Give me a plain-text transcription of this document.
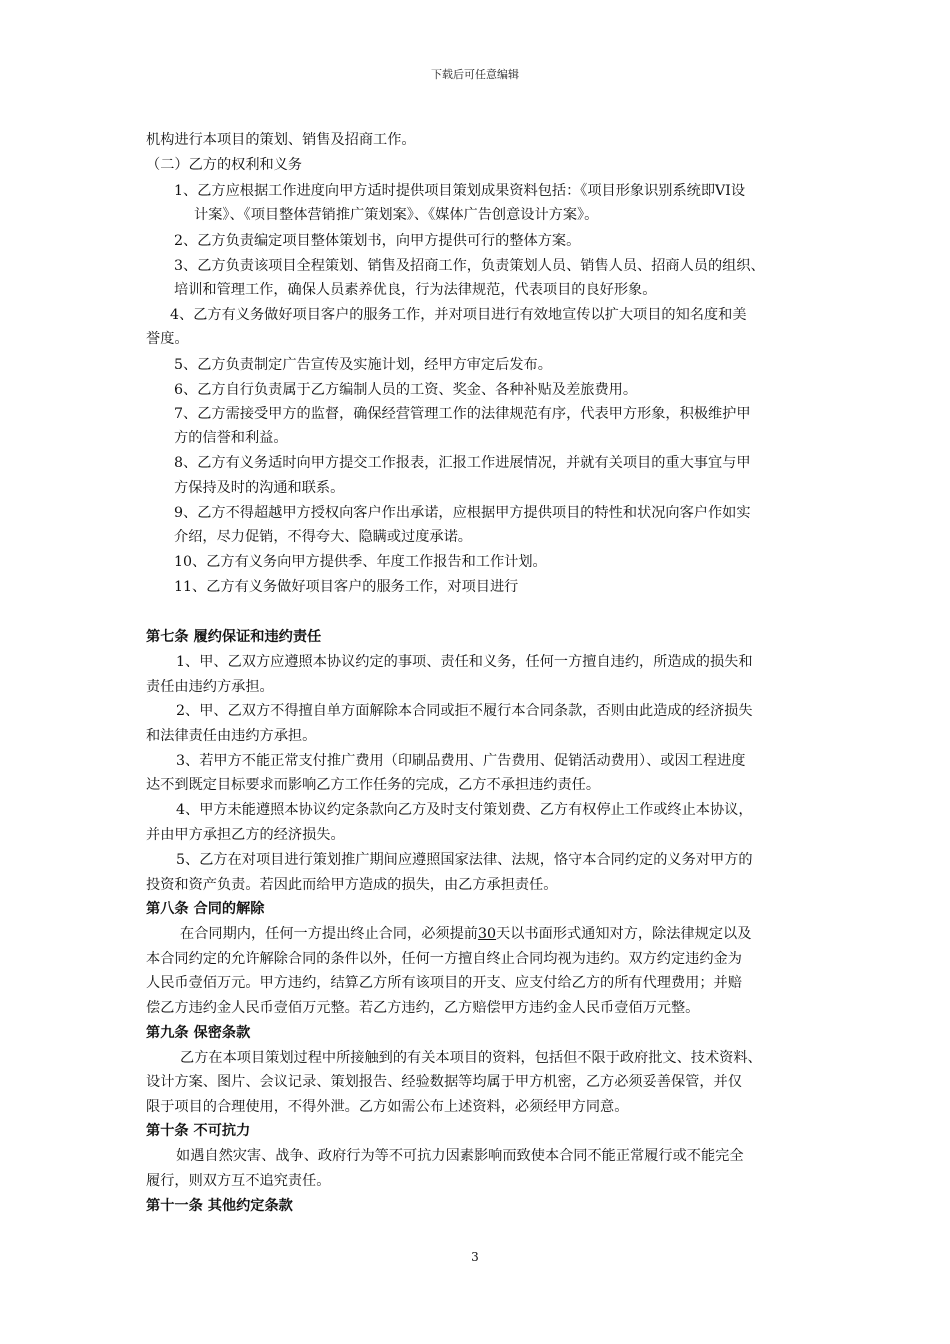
下载后可任意编辑
机构进行本项目的策划、销售及招商工作。
（二）乙方的权利和义务
1、乙方应根据工作进度向甲方适时提供项目策划成果资料包括：《项目形象识别系统即VI设
计案》、《项目整体营销推广策划案》、《媒体广告创意设计方案》。
2、乙方负责编定项目整体策划书，向甲方提供可行的整体方案。
3、乙方负责该项目全程策划、销售及招商工作，负责策划人员、销售人员、招商人员的组织、
培训和管理工作，确保人员素养优良，行为法律规范，代表项目的良好形象。
4、乙方有义务做好项目客户的服务工作，并对项目进行有效地宣传以扩大项目的知名度和美
誉度。
5、乙方负责制定广告宣传及实施计划，经甲方审定后发布。
6、乙方自行负责属于乙方编制人员的工资、奖金、各种补贴及差旅费用。
7、乙方需接受甲方的监督，确保经营管理工作的法律规范有序，代表甲方形象，积极维护甲
方的信誉和利益。
8、乙方有义务适时向甲方提交工作报表，汇报工作进展情况，并就有关项目的重大事宜与甲
方保持及时的沟通和联系。
9、乙方不得超越甲方授权向客户作出承诺，应根据甲方提供项目的特性和状况向客户作如实
介绍，尽力促销，不得夸大、隐瞒或过度承诺。
10、乙方有义务向甲方提供季、年度工作报告和工作计划。
11、乙方有义务做好项目客户的服务工作，对项目进行
第七条 履约保证和违约责任
1、甲、乙双方应遵照本协议约定的事项、责任和义务，任何一方擅自违约，所造成的损失和
责任由违约方承担。
2、甲、乙双方不得擅自单方面解除本合同或拒不履行本合同条款，否则由此造成的经济损失
和法律责任由违约方承担。
3、若甲方不能正常支付推广费用（印刷品费用、广告费用、促销活动费用）、或因工程进度
达不到既定目标要求而影响乙方工作任务的完成，乙方不承担违约责任。
4、甲方未能遵照本协议约定条款向乙方及时支付策划费、乙方有权停止工作或终止本协议，
并由甲方承担乙方的经济损失。
5、乙方在对项目进行策划推广期间应遵照国家法律、法规，恪守本合同约定的义务对甲方的
投资和资产负责。若因此而给甲方造成的损失，由乙方承担责任。
第八条 合同的解除
在合同期内，任何一方提出终止合同，必须提前30天以书面形式通知对方，除法律规定以及
本合同约定的允许解除合同的条件以外，任何一方擅自终止合同均视为违约。双方约定违约金为
人民币壹佰万元。甲方违约，结算乙方所有该项目的开支、应支付给乙方的所有代理费用；并赔
偿乙方违约金人民币壹佰万元整。若乙方违约，乙方赔偿甲方违约金人民币壹佰万元整。
第九条 保密条款
乙方在本项目策划过程中所接触到的有关本项目的资料，包括但不限于政府批文、技术资料、
设计方案、图片、会议记录、策划报告、经验数据等均属于甲方机密，乙方必须妥善保管，并仅
限于项目的合理使用，不得外泄。乙方如需公布上述资料，必须经甲方同意。
第十条 不可抗力
如遇自然灾害、战争、政府行为等不可抗力因素影响而致使本合同不能正常履行或不能完全
履行，则双方互不追究责任。
第十一条 其他约定条款
3
